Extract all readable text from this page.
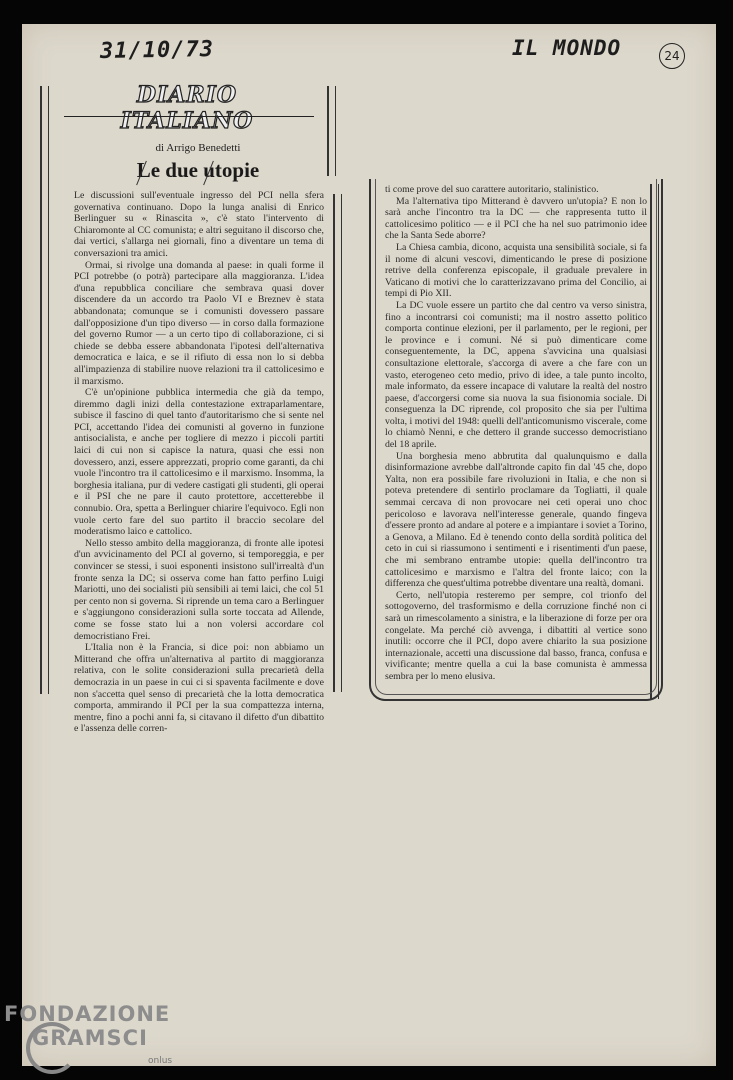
31/10/73	IL MONDO	24
DIARIO ITALIANO
di Arrigo Benedetti
Le due utopie

Le discussioni sull'eventuale ingresso del PCI nella sfera governativa continuano. Dopo la lunga analisi di Enrico Berlinguer su « Rinascita », c'è stato l'intervento di Chiaromonte al CC comunista; e altri seguitano il discorso che, dai vertici, s'allarga nei giornali, fino a diventare un tema di conversazioni tra amici.

Ormai, si rivolge una domanda al paese: in quali forme il PCI potrebbe (o potrà) partecipare alla maggioranza. L'idea d'una repubblica conciliare che sembrava quasi dover discendere da un accordo tra Paolo VI e Breznev è stata abbandonata; comunque se i comunisti dovessero passare dall'opposizione d'un tipo diverso — in corso dalla formazione del governo Rumor — a un certo tipo di collaborazione, ci si chiede se debba essere abbandonata l'ipotesi dell'alternativa democratica e laica, e se il rifiuto di essa non lo si debba all'impazienza di stabilire nuove relazioni tra il cattolicesimo e il marxismo.

C'è un'opinione pubblica intermedia che già da tempo, diremmo dagli inizi della contestazione extraparlamentare, subisce il fascino di quel tanto d'autoritarismo che si sente nel PCI, accettando l'idea dei comunisti al governo in funzione antisocialista, e anche per togliere di mezzo i piccoli partiti laici di cui non si capisce la natura, quasi che essi non dovessero, anzi, essere apprezzati, proprio come garanti, da chi vuole l'incontro tra il cattolicesimo e il marxismo. Insomma, la borghesia italiana, pur di vedere castigati gli studenti, gli operai e il PSI che ne pare il cauto protettore, accetterebbe il connubio. Ora, spetta a Berlinguer chiarire l'equivoco. Egli non vuole certo fare del suo partito il braccio secolare del moderatismo laico e cattolico.

Nello stesso ambito della maggioranza, di fronte alle ipotesi d'un avvicinamento del PCI al governo, si temporeggia, e per convincer se stessi, i suoi esponenti insistono sull'irrealtà d'un fronte senza la DC; si osserva come han fatto perfino Luigi Mariotti, uno dei socialisti più sensibili ai temi laici, che col 51 per cento non si governa. Si riprende un tema caro a Berlinguer e s'aggiungono considerazioni sulla sorte toccata ad Allende, come se fosse stato lui a non volersi accordare col democristiano Frei.

L'Italia non è la Francia, si dice poi: non abbiamo un Mitterand che offra un'alternativa al partito di maggioranza relativa, con le solite considerazioni sulla precarietà della democrazia in un paese in cui ci si spaventa facilmente e dove non s'accetta quel senso di precarietà che la lotta democratica comporta, ammirando il PCI per la sua compattezza interna, mentre, fino a pochi anni fa, si citavano il difetto d'un dibattito e l'assenza delle corren-

ti come prove del suo carattere autoritario, stalinistico.

Ma l'alternativa tipo Mitterand è davvero un'utopia? E non lo sarà anche l'incontro tra la DC — che rappresenta tutto il cattolicesimo politico — e il PCI che ha nel suo patrimonio idee che la Santa Sede aborre?

La Chiesa cambia, dicono, acquista una sensibilità sociale, si fa il nome di alcuni vescovi, dimenticando le prese di posizione retrive della conferenza episcopale, il graduale prevalere in Vaticano di motivi che lo caratterizzavano prima del Concilio, ai tempi di Pio XII.

La DC vuole essere un partito che dal centro va verso sinistra, fino a incontrarsi coi comunisti; ma il nostro assetto politico comporta continue elezioni, per il parlamento, per le regioni, per le province e i comuni. Né si può dimenticare come conseguentemente, la DC, appena s'avvicina una qualsiasi consultazione elettorale, s'accorga di avere a che fare con un vasto, eterogeneo ceto medio, privo di idee, a tale punto incolto, male informato, da essere incapace di valutare la realtà del nostro paese, d'accorgersi come sia nuova la sua fisionomia sociale. Di conseguenza la DC riprende, col proposito che sia per l'ultima volta, i motivi del 1948: quelli dell'anticomunismo viscerale, come lo chiamò Nenni, e che dettero il grande successo democristiano del 18 aprile.

Una borghesia meno abbrutita dal qualunquismo e dalla disinformazione avrebbe dall'altronde capito fin dal '45 che, dopo Yalta, non era possibile fare rivoluzioni in Italia, e che non si poteva pretendere di sentirlo proclamare da Togliatti, il quale semmai cercava di non provocare nei ceti operai uno choc pericoloso e lavorava nell'interesse generale, quando fingeva d'essere pronto ad andare al potere e a impiantare i soviet a Torino, a Genova, a Milano. Ed è tenendo conto della sordità politica del ceto in cui si riassumono i sentimenti e i risentimenti d'un paese, che mi sembrano entrambe utopie: quella dell'incontro tra cattolicesimo e marxismo e l'altra del fronte laico; con la differenza che quest'ultima potrebbe diventare una realtà, domani.

Certo, nell'utopia resteremo per sempre, col trionfo del sottogoverno, del trasformismo e della corruzione finché non ci sarà un rimescolamento a sinistra, e la liberazione di forze per ora congelate. Ma perché ciò avvenga, i dibattiti al vertice sono inutili: occorre che il PCI, dopo avere chiarito la sua posizione internazionale, accetti una discussione dal basso, franca, confusa e vivificante; mentre quella a cui la base comunista è ammessa sembra per lo meno elusiva.

FONDAZIONE
GRAMSCI
onlus
